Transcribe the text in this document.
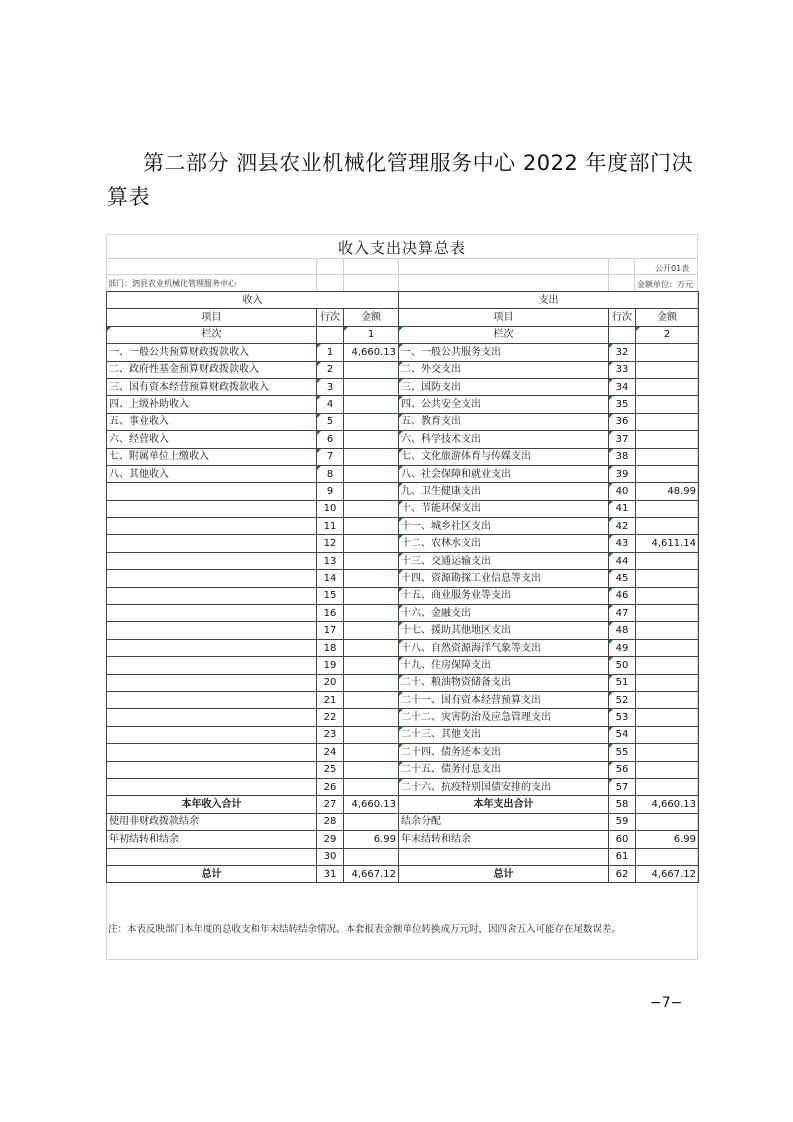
第二部分 泗县农业机械化管理服务中心 2022 年度部门决算表
收入支出决算总表
公开01表
部门：泗县农业机械化管理服务中心	金额单位：万元
收入			支出		
项目	行次	金额	项目	行次	金额
栏次		1	栏次		2
一、一般公共预算财政拨款收入	1	4,660.13	一、一般公共服务支出	32	
二、政府性基金预算财政拨款收入	2		二、外交支出	33	
三、国有资本经营预算财政拨款收入	3		三、国防支出	34	
四、上级补助收入	4		四、公共安全支出	35	
五、事业收入	5		五、教育支出	36	
六、经营收入	6		六、科学技术支出	37	
七、附属单位上缴收入	7		七、文化旅游体育与传媒支出	38	
八、其他收入	8		八、社会保障和就业支出	39	
	9		九、卫生健康支出	40	48.99
	10		十、节能环保支出	41	
	11		十一、城乡社区支出	42	
	12		十二、农林水支出	43	4,611.14
	13		十三、交通运输支出	44	
	14		十四、资源勘探工业信息等支出	45	
	15		十五、商业服务业等支出	46	
	16		十六、金融支出	47	
	17		十七、援助其他地区支出	48	
	18		十八、自然资源海洋气象等支出	49	
	19		十九、住房保障支出	50	
	20		二十、粮油物资储备支出	51	
	21		二十一、国有资本经营预算支出	52	
	22		二十二、灾害防治及应急管理支出	53	
	23		二十三、其他支出	54	
	24		二十四、债务还本支出	55	
	25		二十五、债务付息支出	56	
	26		二十六、抗疫特别国债安排的支出	57	
本年收入合计	27	4,660.13	本年支出合计	58	4,660.13
使用非财政拨款结余	28		结余分配	59	
年初结转和结余	29	6.99	年末结转和结余	60	6.99
	30			61	
总计	31	4,667.12	总计	62	4,667.12
注：本表反映部门本年度的总收支和年末结转结余情况。本套报表金额单位转换成万元时，因四舍五入可能存在尾数误差。
−7−
